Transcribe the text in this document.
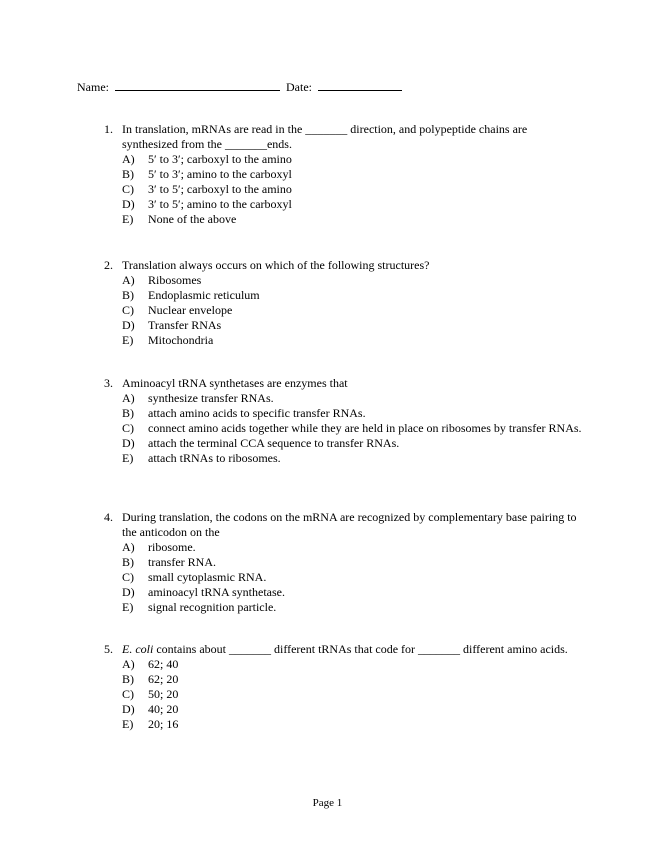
Name:	Date:
1. In translation, mRNAs are read in the _______ direction, and polypeptide chains are synthesized from the _______ends.
A)	5′ to 3′; carboxyl to the amino
B)	5′ to 3′; amino to the carboxyl
C)	3′ to 5′; carboxyl to the amino
D)	3′ to 5′; amino to the carboxyl
E)	None of the above
2. Translation always occurs on which of the following structures?
A)	Ribosomes
B)	Endoplasmic reticulum
C)	Nuclear envelope
D)	Transfer RNAs
E)	Mitochondria
3. Aminoacyl tRNA synthetases are enzymes that
A)	synthesize transfer RNAs.
B)	attach amino acids to specific transfer RNAs.
C)	connect amino acids together while they are held in place on ribosomes by transfer RNAs.
D)	attach the terminal CCA sequence to transfer RNAs.
E)	attach tRNAs to ribosomes.
4. During translation, the codons on the mRNA are recognized by complementary base pairing to the anticodon on the
A)	ribosome.
B)	transfer RNA.
C)	small cytoplasmic RNA.
D)	aminoacyl tRNA synthetase.
E)	signal recognition particle.
5. E. coli contains about _______ different tRNAs that code for _______ different amino acids.
A)	62; 40
B)	62; 20
C)	50; 20
D)	40; 20
E)	20; 16
Page 1
